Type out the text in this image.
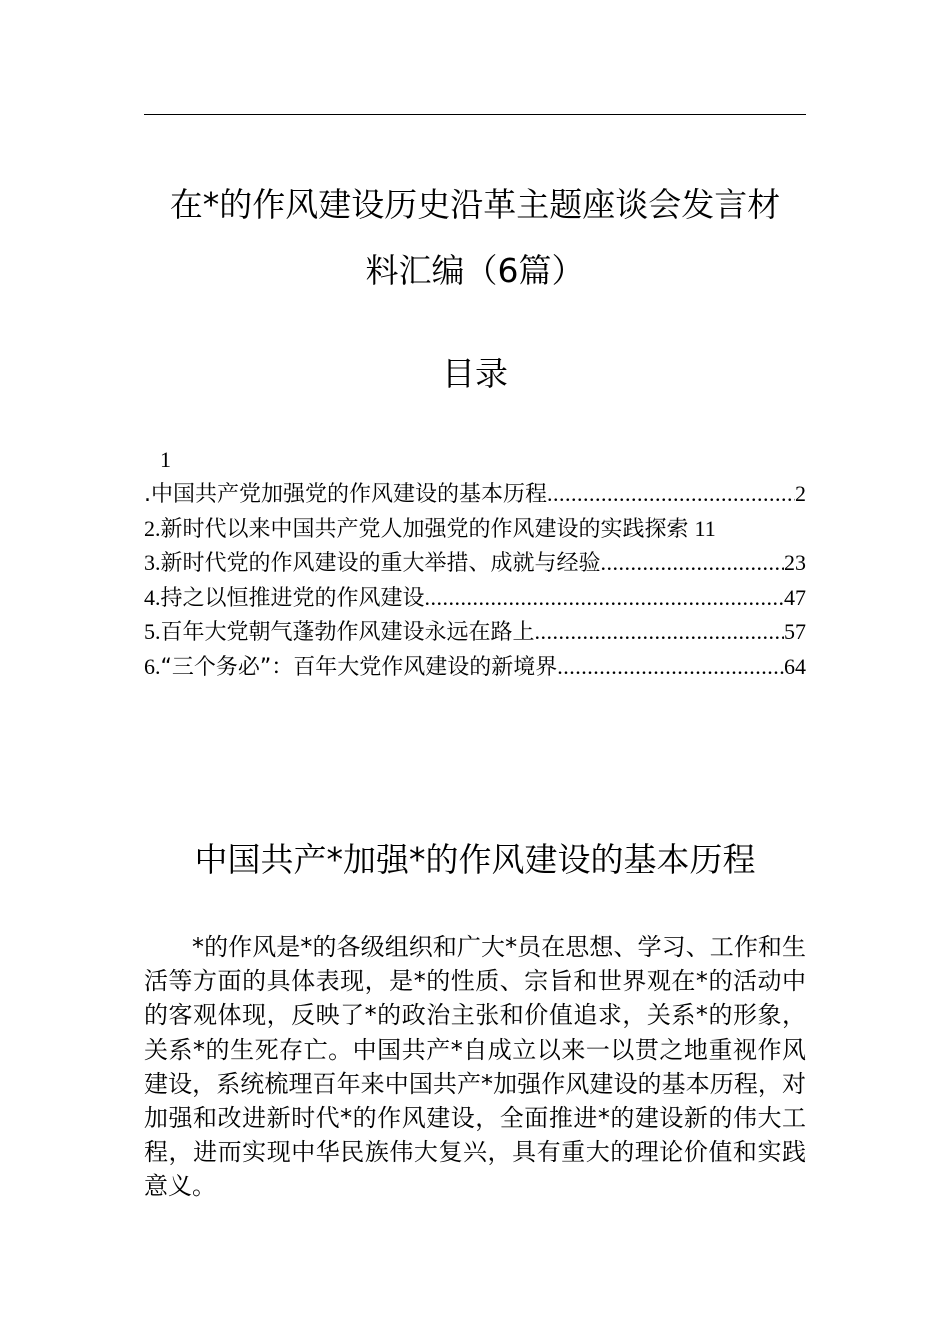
在*的作风建设历史沿革主题座谈会发言材
料汇编（6篇）
目录
1
.中国共产党加强党的作风建设的基本历程 .....	2
2. 新时代以来中国共产党人加强党的作风建设的实践探索 11
3. 新时代党的作风建设的重大举措、成就与经验 .....	23
4. 持之以恒推进党的作风建设 .....	47
5. 百年大党朝气蓬勃作风建设永远在路上 .....	57
6. “三个务必”：百年大党作风建设的新境界 .....	64
中国共产*加强*的作风建设的基本历程

*的作风是*的各级组织和广大*员在思想、学习、工作和生活等方面的具体表现，是*的性质、宗旨和世界观在*的活动中的客观体现，反映了*的政治主张和价值追求，关系*的形象，关系*的生死存亡。中国共产*自成立以来一以贯之地重视作风建设，系统梳理百年来中国共产*加强作风建设的基本历程，对加强和改进新时代*的作风建设，全面推进*的建设新的伟大工程，进而实现中华民族伟大复兴，具有重大的理论价值和实践意义。
